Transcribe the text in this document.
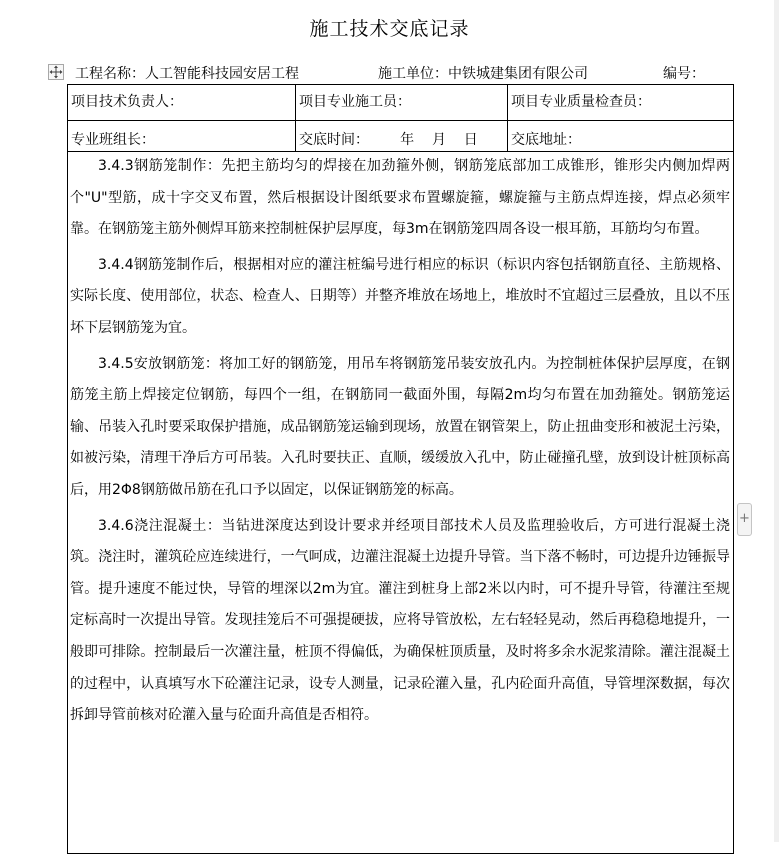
施工技术交底记录
工程名称：人工智能科技园安居工程	施工单位：中铁城建集团有限公司	编号：
项目技术负责人：	项目专业施工员：	项目专业质量检查员：
专业班组长：	交底时间：       年    月    日	交底地址：

3.4.3钢筋笼制作：先把主筋均匀的焊接在加劲箍外侧，钢筋笼底部加工成锥形，锥形尖内侧加焊两个"U"型筋，成十字交叉布置，然后根据设计图纸要求布置螺旋箍，螺旋箍与主筋点焊连接，焊点必须牢靠。在钢筋笼主筋外侧焊耳筋来控制桩保护层厚度，每3m在钢筋笼四周各设一根耳筋，耳筋均匀布置。

3.4.4钢筋笼制作后，根据相对应的灌注桩编号进行相应的标识（标识内容包括钢筋直径、主筋规格、实际长度、使用部位，状态、检查人、日期等）并整齐堆放在场地上，堆放时不宜超过三层叠放，且以不压坏下层钢筋笼为宜。

3.4.5安放钢筋笼：将加工好的钢筋笼，用吊车将钢筋笼吊装安放孔内。为控制桩体保护层厚度，在钢筋笼主筋上焊接定位钢筋，每四个一组，在钢筋同一截面外围，每隔2m均匀布置在加劲箍处。钢筋笼运输、吊装入孔时要采取保护措施，成品钢筋笼运输到现场，放置在钢管架上，防止扭曲变形和被泥土污染，如被污染，清理干净后方可吊装。入孔时要扶正、直顺，缓缓放入孔中，防止碰撞孔壁，放到设计桩顶标高后，用2Φ8钢筋做吊筋在孔口予以固定，以保证钢筋笼的标高。

3.4.6浇注混凝土：当钻进深度达到设计要求并经项目部技术人员及监理验收后，方可进行混凝土浇筑。浇注时，灌筑砼应连续进行，一气呵成，边灌注混凝土边提升导管。当下落不畅时，可边提升边锤振导管。提升速度不能过快，导管的埋深以2m为宜。灌注到桩身上部2米以内时，可不提升导管，待灌注至规定标高时一次提出导管。发现挂笼后不可强提硬拔，应将导管放松，左右轻轻晃动，然后再稳稳地提升，一般即可排除。控制最后一次灌注量，桩顶不得偏低，为确保桩顶质量，及时将多余水泥浆清除。灌注混凝土的过程中，认真填写水下砼灌注记录，设专人测量，记录砼灌入量，孔内砼面升高值，导管埋深数据，每次拆卸导管前核对砼灌入量与砼面升高值是否相符。

+
